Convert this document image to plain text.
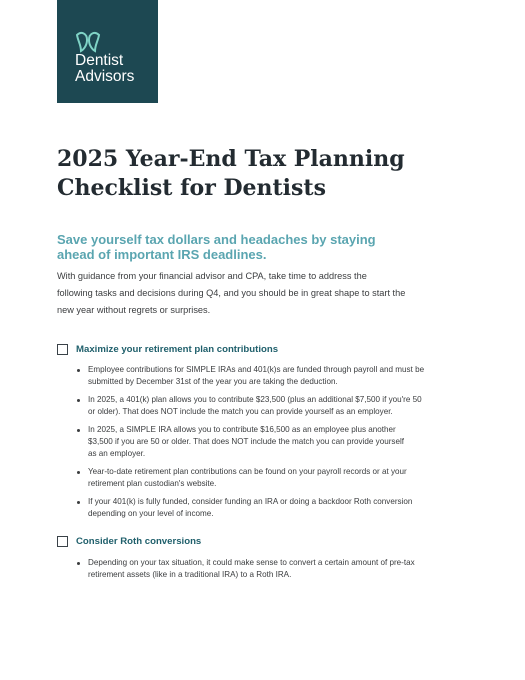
Dentist
Advisors
2025 Year-End Tax Planning
Checklist for Dentists

Save yourself tax dollars and headaches by staying
ahead of important IRS deadlines.

With guidance from your financial advisor and CPA, take time to address the
following tasks and decisions during Q4, and you should be in great shape to start the
new year without regrets or surprises.

Maximize your retirement plan contributions
Employee contributions for SIMPLE IRAs and 401(k)s are funded through payroll and must be
submitted by December 31st of the year you are taking the deduction.
In 2025, a 401(k) plan allows you to contribute $23,500 (plus an additional $7,500 if you're 50
or older). That does NOT include the match you can provide yourself as an employer.
In 2025, a SIMPLE IRA allows you to contribute $16,500 as an employee plus another
$3,500 if you are 50 or older. That does NOT include the match you can provide yourself
as an employer.
Year-to-date retirement plan contributions can be found on your payroll records or at your
retirement plan custodian's website.
If your 401(k) is fully funded, consider funding an IRA or doing a backdoor Roth conversion
depending on your level of income.
Consider Roth conversions
Depending on your tax situation, it could make sense to convert a certain amount of pre-tax
retirement assets (like in a traditional IRA) to a Roth IRA.
